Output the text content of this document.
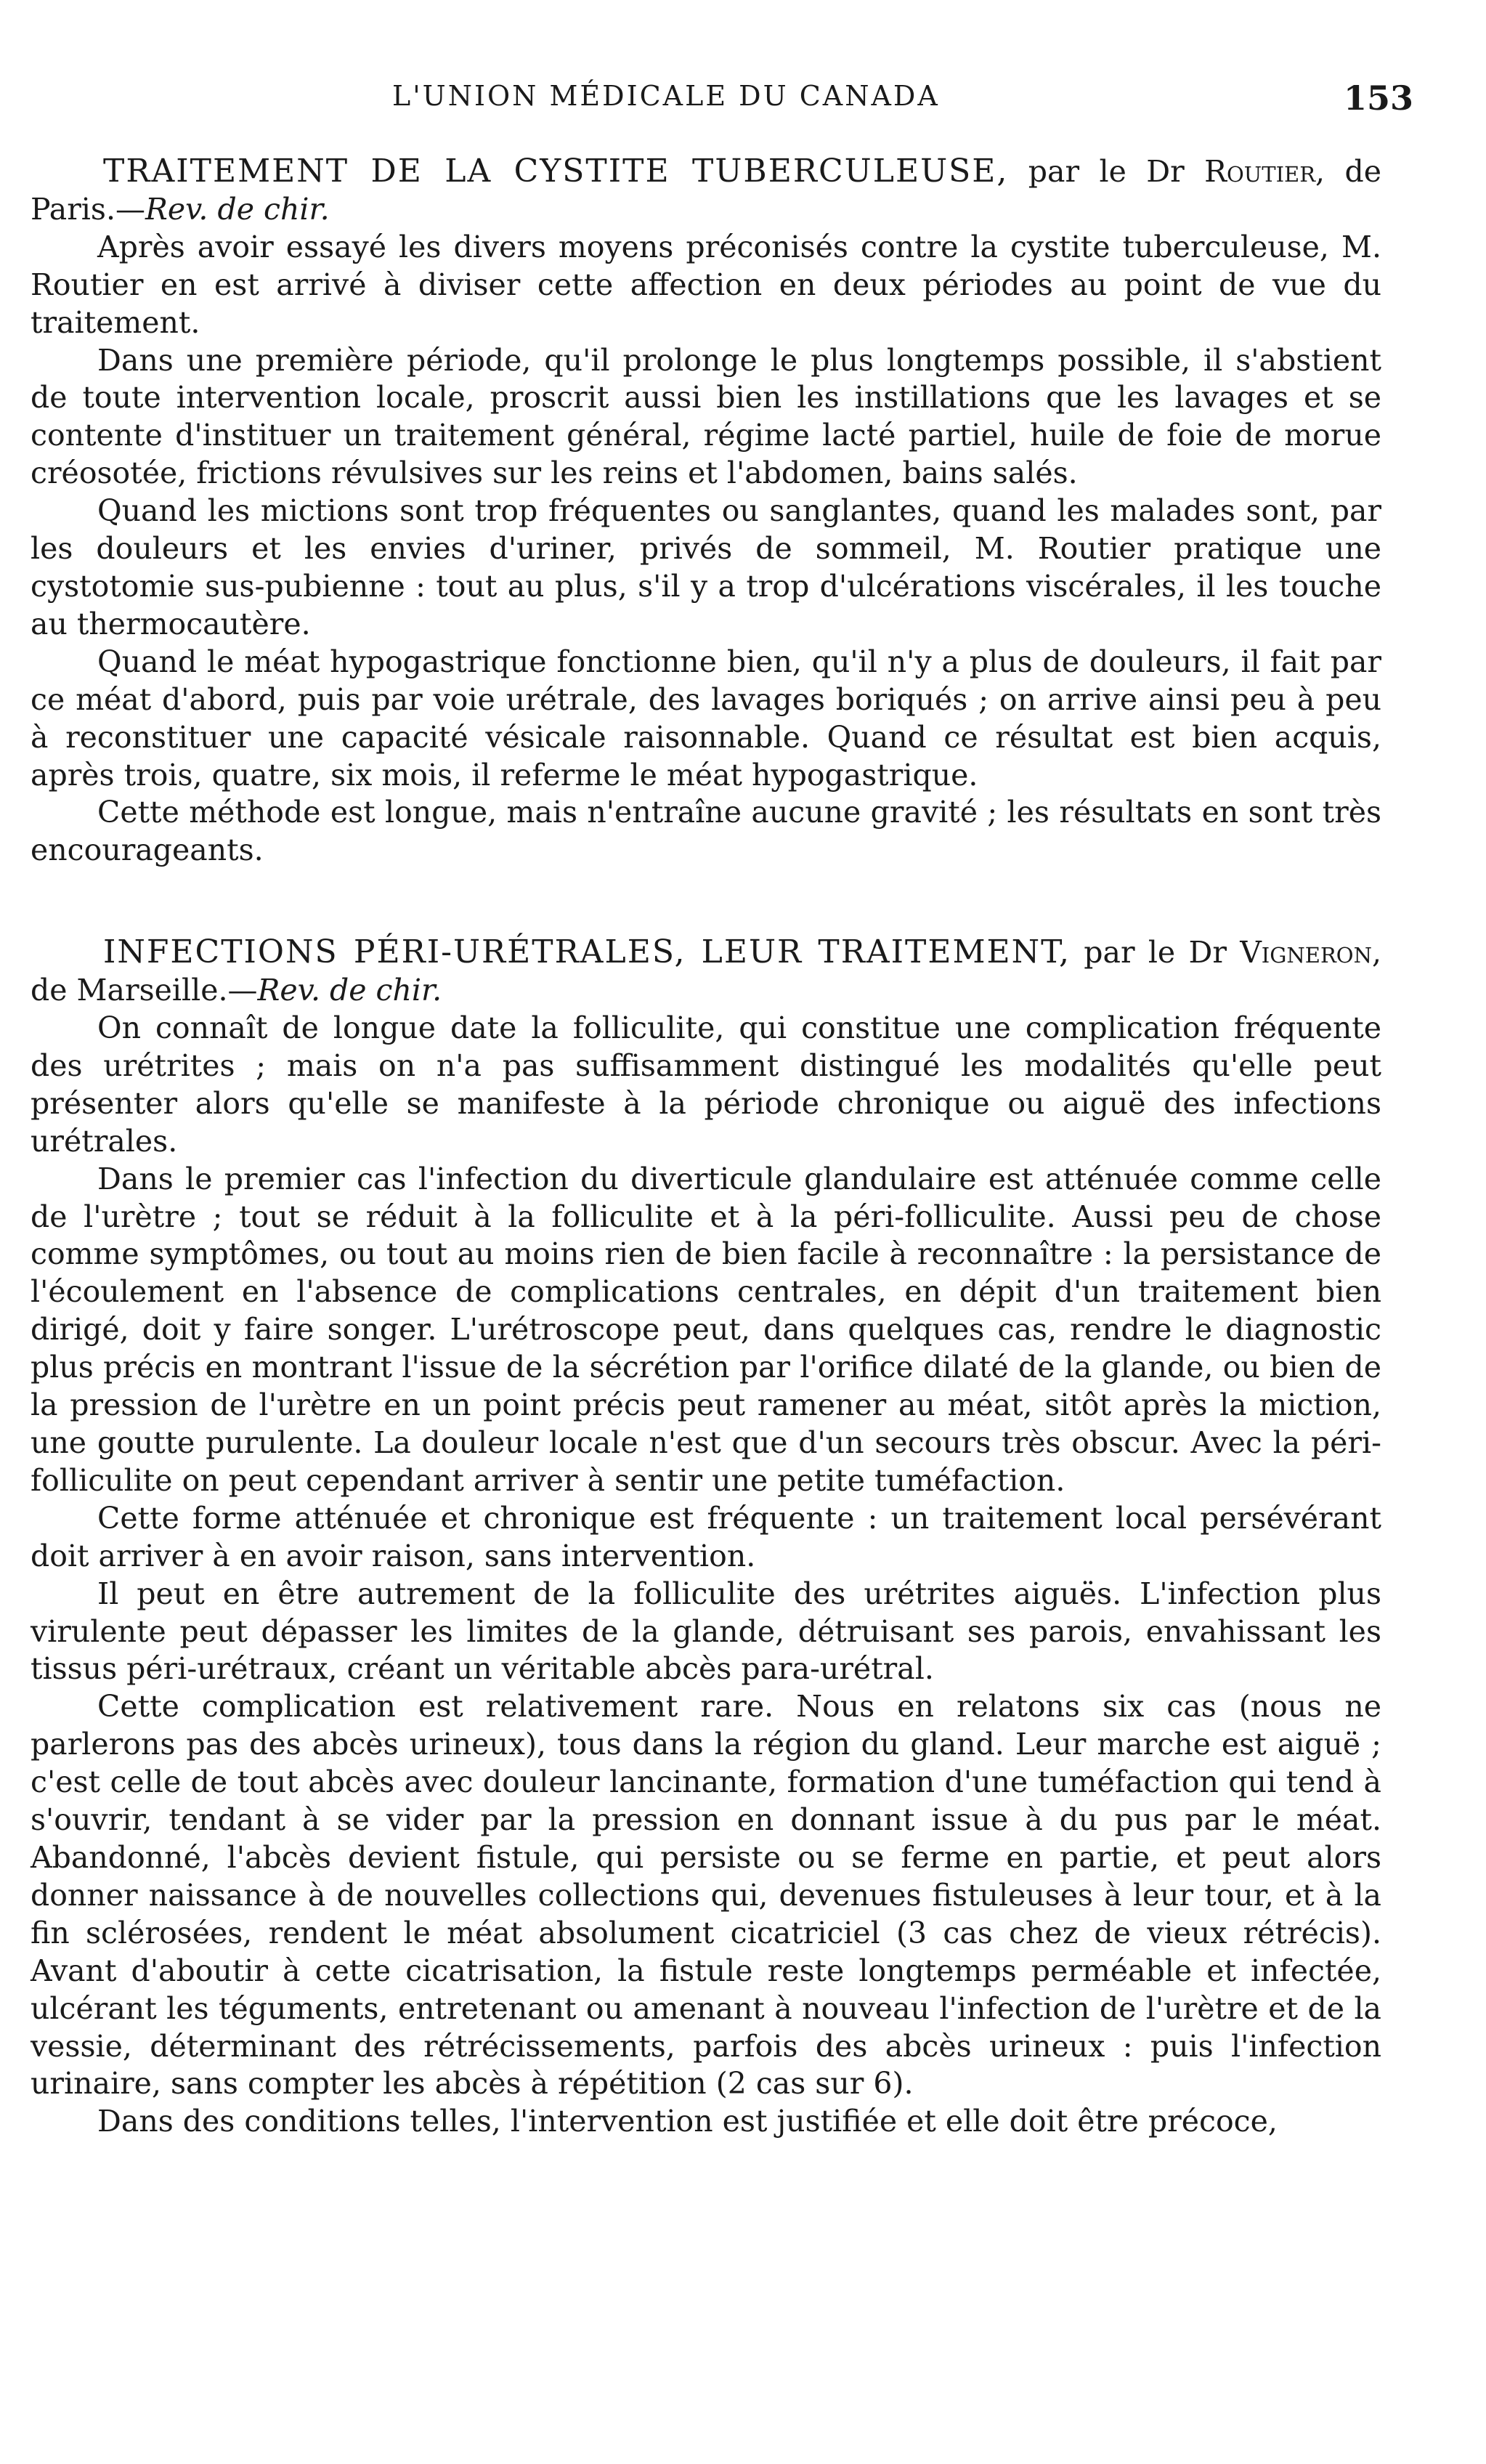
L'UNION MÉDICALE DU CANADA	153

TRAITEMENT DE LA CYSTITE TUBERCULEUSE, par le Dr Routier, de Paris.—Rev. de chir.

Après avoir essayé les divers moyens préconisés contre la cystite tuberculeuse, M. Routier en est arrivé à diviser cette affection en deux périodes au point de vue du traitement.

Dans une première période, qu'il prolonge le plus longtemps possible, il s'abstient de toute intervention locale, proscrit aussi bien les instillations que les lavages et se contente d'instituer un traitement général, régime lacté partiel, huile de foie de morue créosotée, frictions révulsives sur les reins et l'abdomen, bains salés.

Quand les mictions sont trop fréquentes ou sanglantes, quand les malades sont, par les douleurs et les envies d'uriner, privés de sommeil, M. Routier pratique une cystotomie sus-pubienne : tout au plus, s'il y a trop d'ulcérations viscérales, il les touche au thermocautère.

Quand le méat hypogastrique fonctionne bien, qu'il n'y a plus de douleurs, il fait par ce méat d'abord, puis par voie urétrale, des lavages boriqués ; on arrive ainsi peu à peu à reconstituer une capacité vésicale raisonnable. Quand ce résultat est bien acquis, après trois, quatre, six mois, il referme le méat hypogastrique.

Cette méthode est longue, mais n'entraîne aucune gravité ; les résultats en sont très encourageants.

INFECTIONS PÉRI-URÉTRALES, LEUR TRAITEMENT, par le Dr Vigneron, de Marseille.—Rev. de chir.

On connaît de longue date la folliculite, qui constitue une complication fréquente des urétrites ; mais on n'a pas suffisamment distingué les modalités qu'elle peut présenter alors qu'elle se manifeste à la période chronique ou aiguë des infections urétrales.

Dans le premier cas l'infection du diverticule glandulaire est atténuée comme celle de l'urètre ; tout se réduit à la folliculite et à la péri-folliculite. Aussi peu de chose comme symptômes, ou tout au moins rien de bien facile à reconnaître : la persistance de l'écoulement en l'absence de complications centrales, en dépit d'un traitement bien dirigé, doit y faire songer. L'urétroscope peut, dans quelques cas, rendre le diagnostic plus précis en montrant l'issue de la sécrétion par l'orifice dilaté de la glande, ou bien de la pression de l'urètre en un point précis peut ramener au méat, sitôt après la miction, une goutte purulente. La douleur locale n'est que d'un secours très obscur. Avec la péri-folliculite on peut cependant arriver à sentir une petite tuméfaction.

Cette forme atténuée et chronique est fréquente : un traitement local persévérant doit arriver à en avoir raison, sans intervention.

Il peut en être autrement de la folliculite des urétrites aiguës. L'infection plus virulente peut dépasser les limites de la glande, détruisant ses parois, envahissant les tissus péri-urétraux, créant un véritable abcès para-urétral.

Cette complication est relativement rare. Nous en relatons six cas (nous ne parlerons pas des abcès urineux), tous dans la région du gland. Leur marche est aiguë ; c'est celle de tout abcès avec douleur lancinante, formation d'une tuméfaction qui tend à s'ouvrir, tendant à se vider par la pression en donnant issue à du pus par le méat. Abandonné, l'abcès devient fistule, qui persiste ou se ferme en partie, et peut alors donner naissance à de nouvelles collections qui, devenues fistuleuses à leur tour, et à la fin sclérosées, rendent le méat absolument cicatriciel (3 cas chez de vieux rétrécis). Avant d'aboutir à cette cicatrisation, la fistule reste longtemps perméable et infectée, ulcérant les téguments, entretenant ou amenant à nouveau l'infection de l'urètre et de la vessie, déterminant des rétrécissements, parfois des abcès urineux : puis l'infection urinaire, sans compter les abcès à répétition (2 cas sur 6).

Dans des conditions telles, l'intervention est justifiée et elle doit être précoce,
